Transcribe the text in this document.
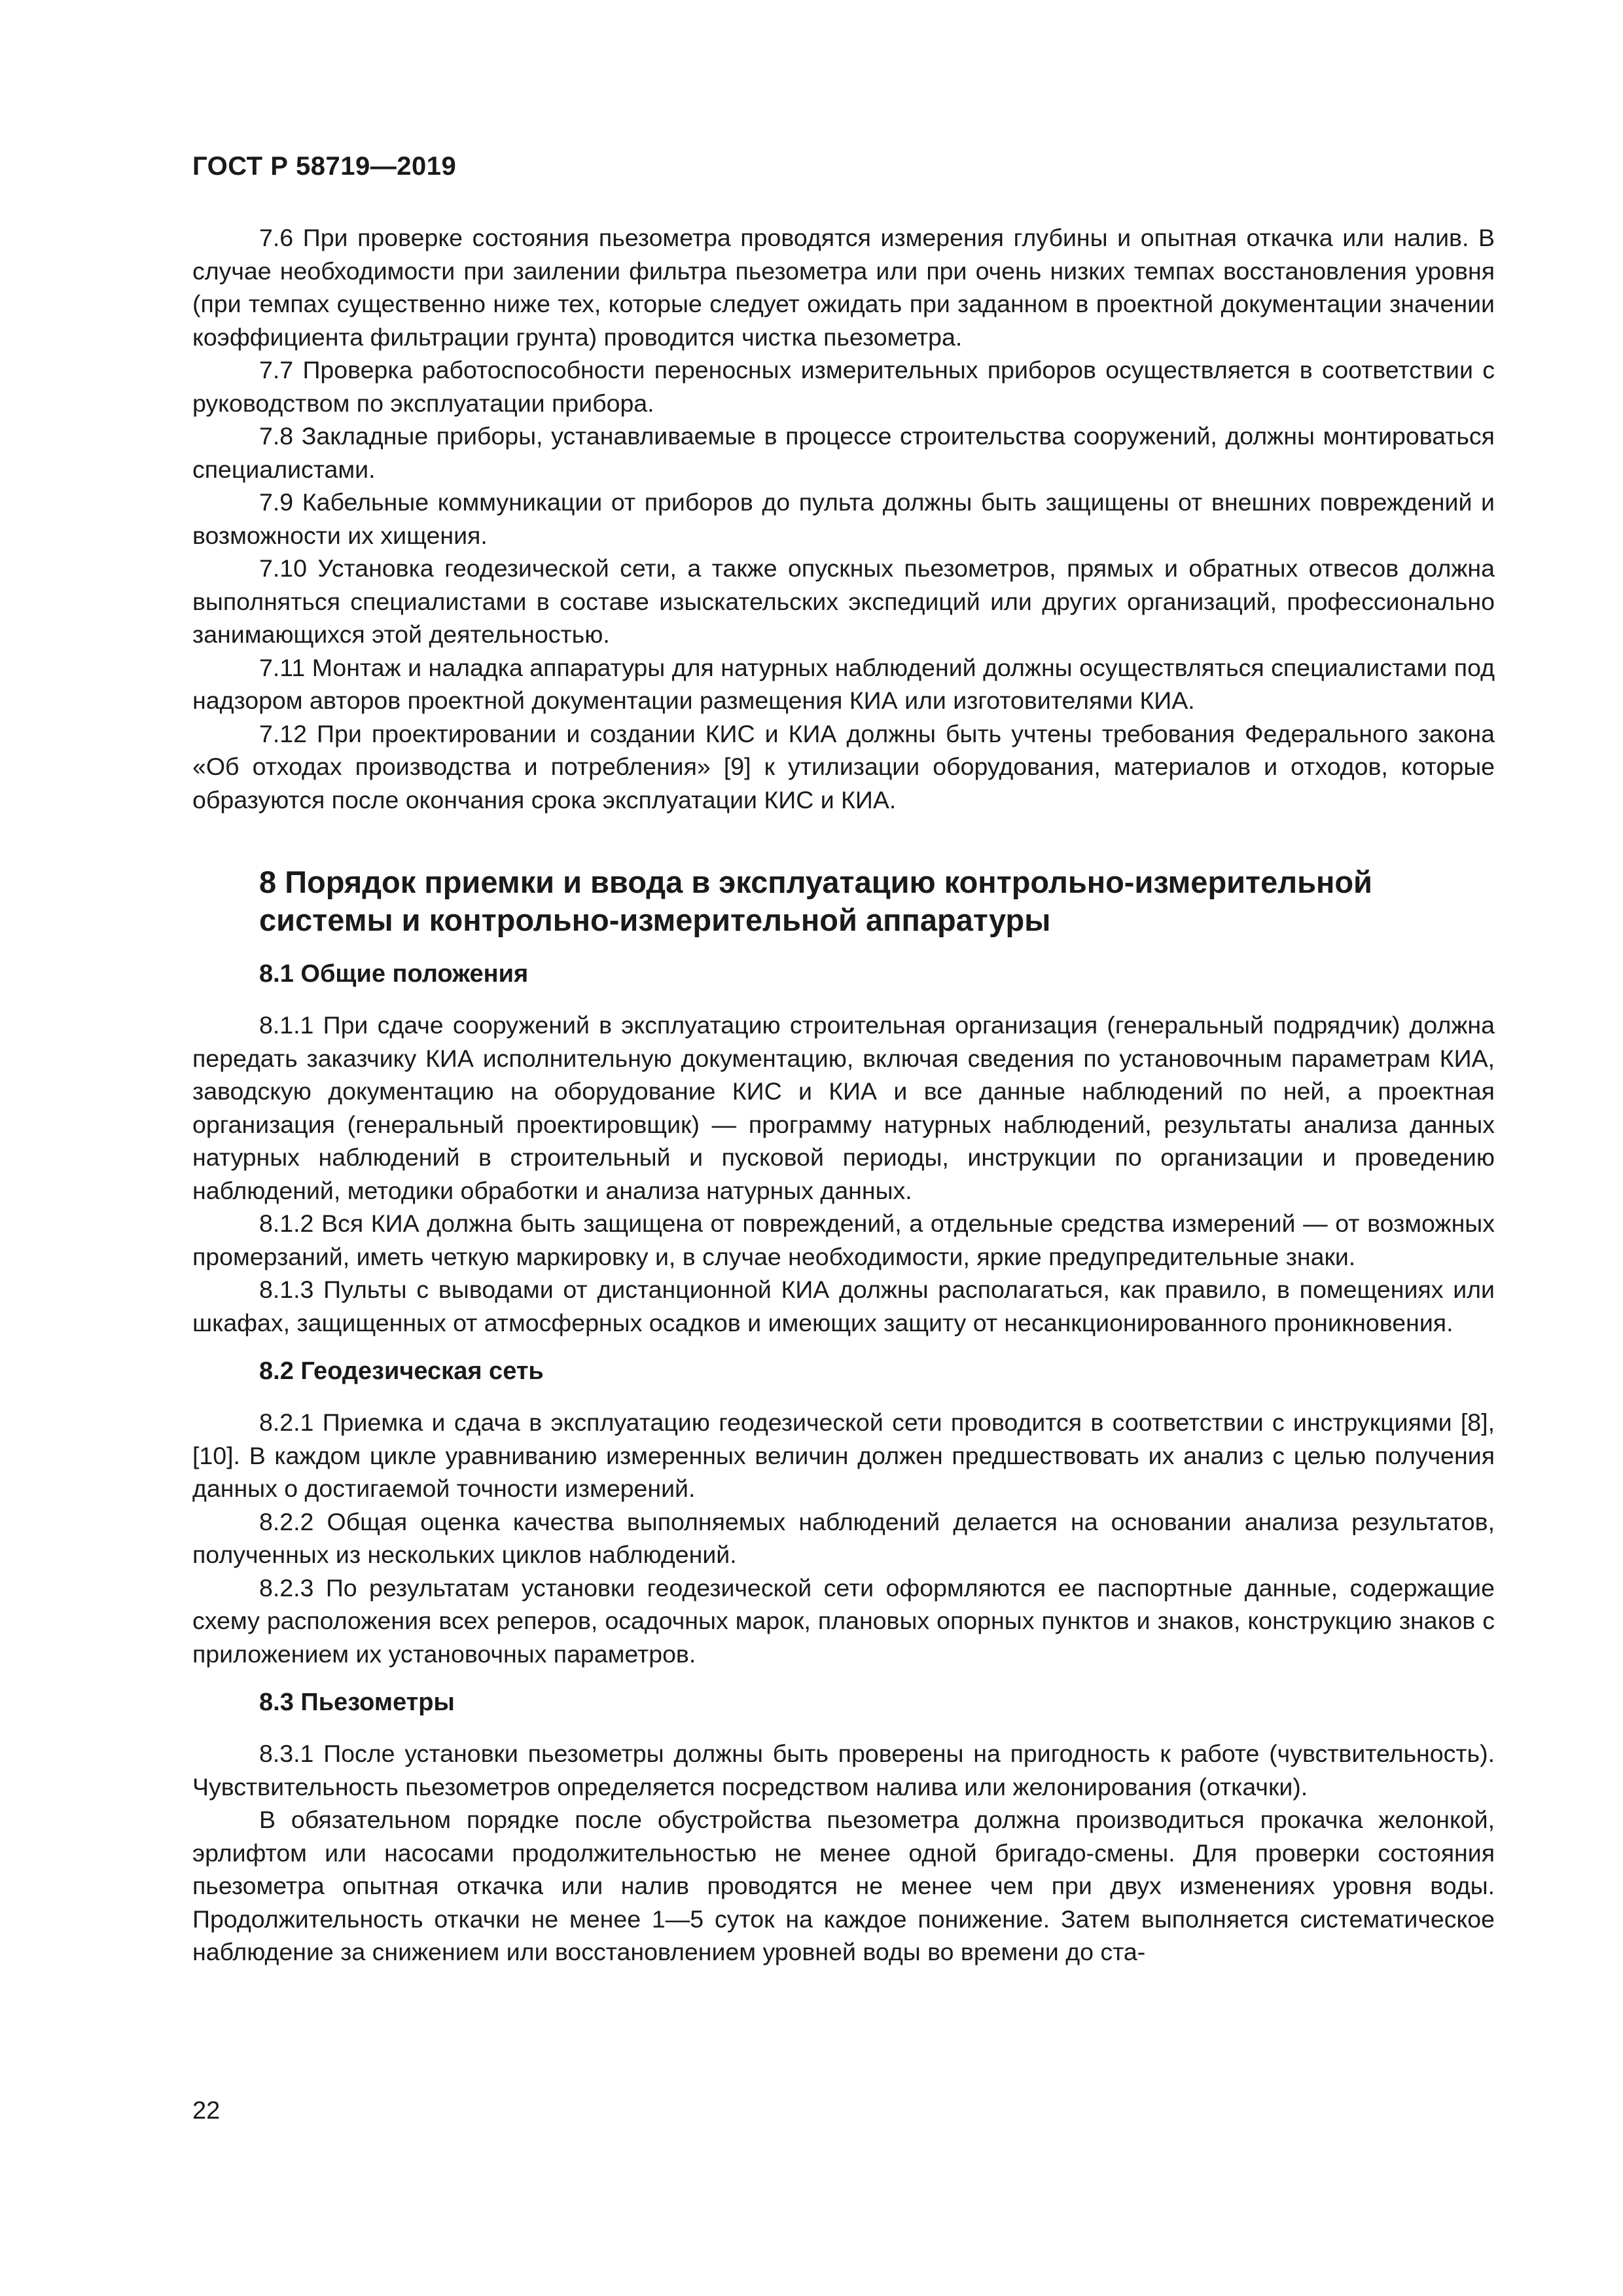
ГОСТ Р 58719—2019

7.6 При проверке состояния пьезометра проводятся измерения глубины и опытная откачка или налив. В случае необходимости при заилении фильтра пьезометра или при очень низких темпах восстановления уровня (при темпах существенно ниже тех, которые следует ожидать при заданном в проектной документации значении коэффициента фильтрации грунта) проводится чистка пьезометра.

7.7 Проверка работоспособности переносных измерительных приборов осуществляется в соответствии с руководством по эксплуатации прибора.

7.8 Закладные приборы, устанавливаемые в процессе строительства сооружений, должны монтироваться специалистами.

7.9 Кабельные коммуникации от приборов до пульта должны быть защищены от внешних повреждений и возможности их хищения.

7.10 Установка геодезической сети, а также опускных пьезометров, прямых и обратных отвесов должна выполняться специалистами в составе изыскательских экспедиций или других организаций, профессионально занимающихся этой деятельностью.

7.11 Монтаж и наладка аппаратуры для натурных наблюдений должны осуществляться специалистами под надзором авторов проектной документации размещения КИА или изготовителями КИА.

7.12 При проектировании и создании КИС и КИА должны быть учтены требования Федерального закона «Об отходах производства и потребления» [9] к утилизации оборудования, материалов и отходов, которые образуются после окончания срока эксплуатации КИС и КИА.

8 Порядок приемки и ввода в эксплуатацию контрольно-измерительной
системы и контрольно-измерительной аппаратуры
8.1 Общие положения

8.1.1 При сдаче сооружений в эксплуатацию строительная организация (генеральный подрядчик) должна передать заказчику КИА исполнительную документацию, включая сведения по установочным параметрам КИА, заводскую документацию на оборудование КИС и КИА и все данные наблюдений по ней, а проектная организация (генеральный проектировщик) — программу натурных наблюдений, результаты анализа данных натурных наблюдений в строительный и пусковой периоды, инструкции по организации и проведению наблюдений, методики обработки и анализа натурных данных.

8.1.2 Вся КИА должна быть защищена от повреждений, а отдельные средства измерений — от возможных промерзаний, иметь четкую маркировку и, в случае необходимости, яркие предупредительные знаки.

8.1.3 Пульты с выводами от дистанционной КИА должны располагаться, как правило, в помещениях или шкафах, защищенных от атмосферных осадков и имеющих защиту от несанкционированного проникновения.

8.2 Геодезическая сеть

8.2.1 Приемка и сдача в эксплуатацию геодезической сети проводится в соответствии с инструкциями [8], [10]. В каждом цикле уравниванию измеренных величин должен предшествовать их анализ с целью получения данных о достигаемой точности измерений.

8.2.2 Общая оценка качества выполняемых наблюдений делается на основании анализа результатов, полученных из нескольких циклов наблюдений.

8.2.3 По результатам установки геодезической сети оформляются ее паспортные данные, содержащие схему расположения всех реперов, осадочных марок, плановых опорных пунктов и знаков, конструкцию знаков с приложением их установочных параметров.

8.3 Пьезометры

8.3.1 После установки пьезометры должны быть проверены на пригодность к работе (чувствительность). Чувствительность пьезометров определяется посредством налива или желонирования (откачки).

В обязательном порядке после обустройства пьезометра должна производиться прокачка желонкой, эрлифтом или насосами продолжительностью не менее одной бригадо-смены. Для проверки состояния пьезометра опытная откачка или налив проводятся не менее чем при двух изменениях уровня воды. Продолжительность откачки не менее 1—5 суток на каждое понижение. Затем выполняется систематическое наблюдение за снижением или восстановлением уровней воды во времени до ста-

22
